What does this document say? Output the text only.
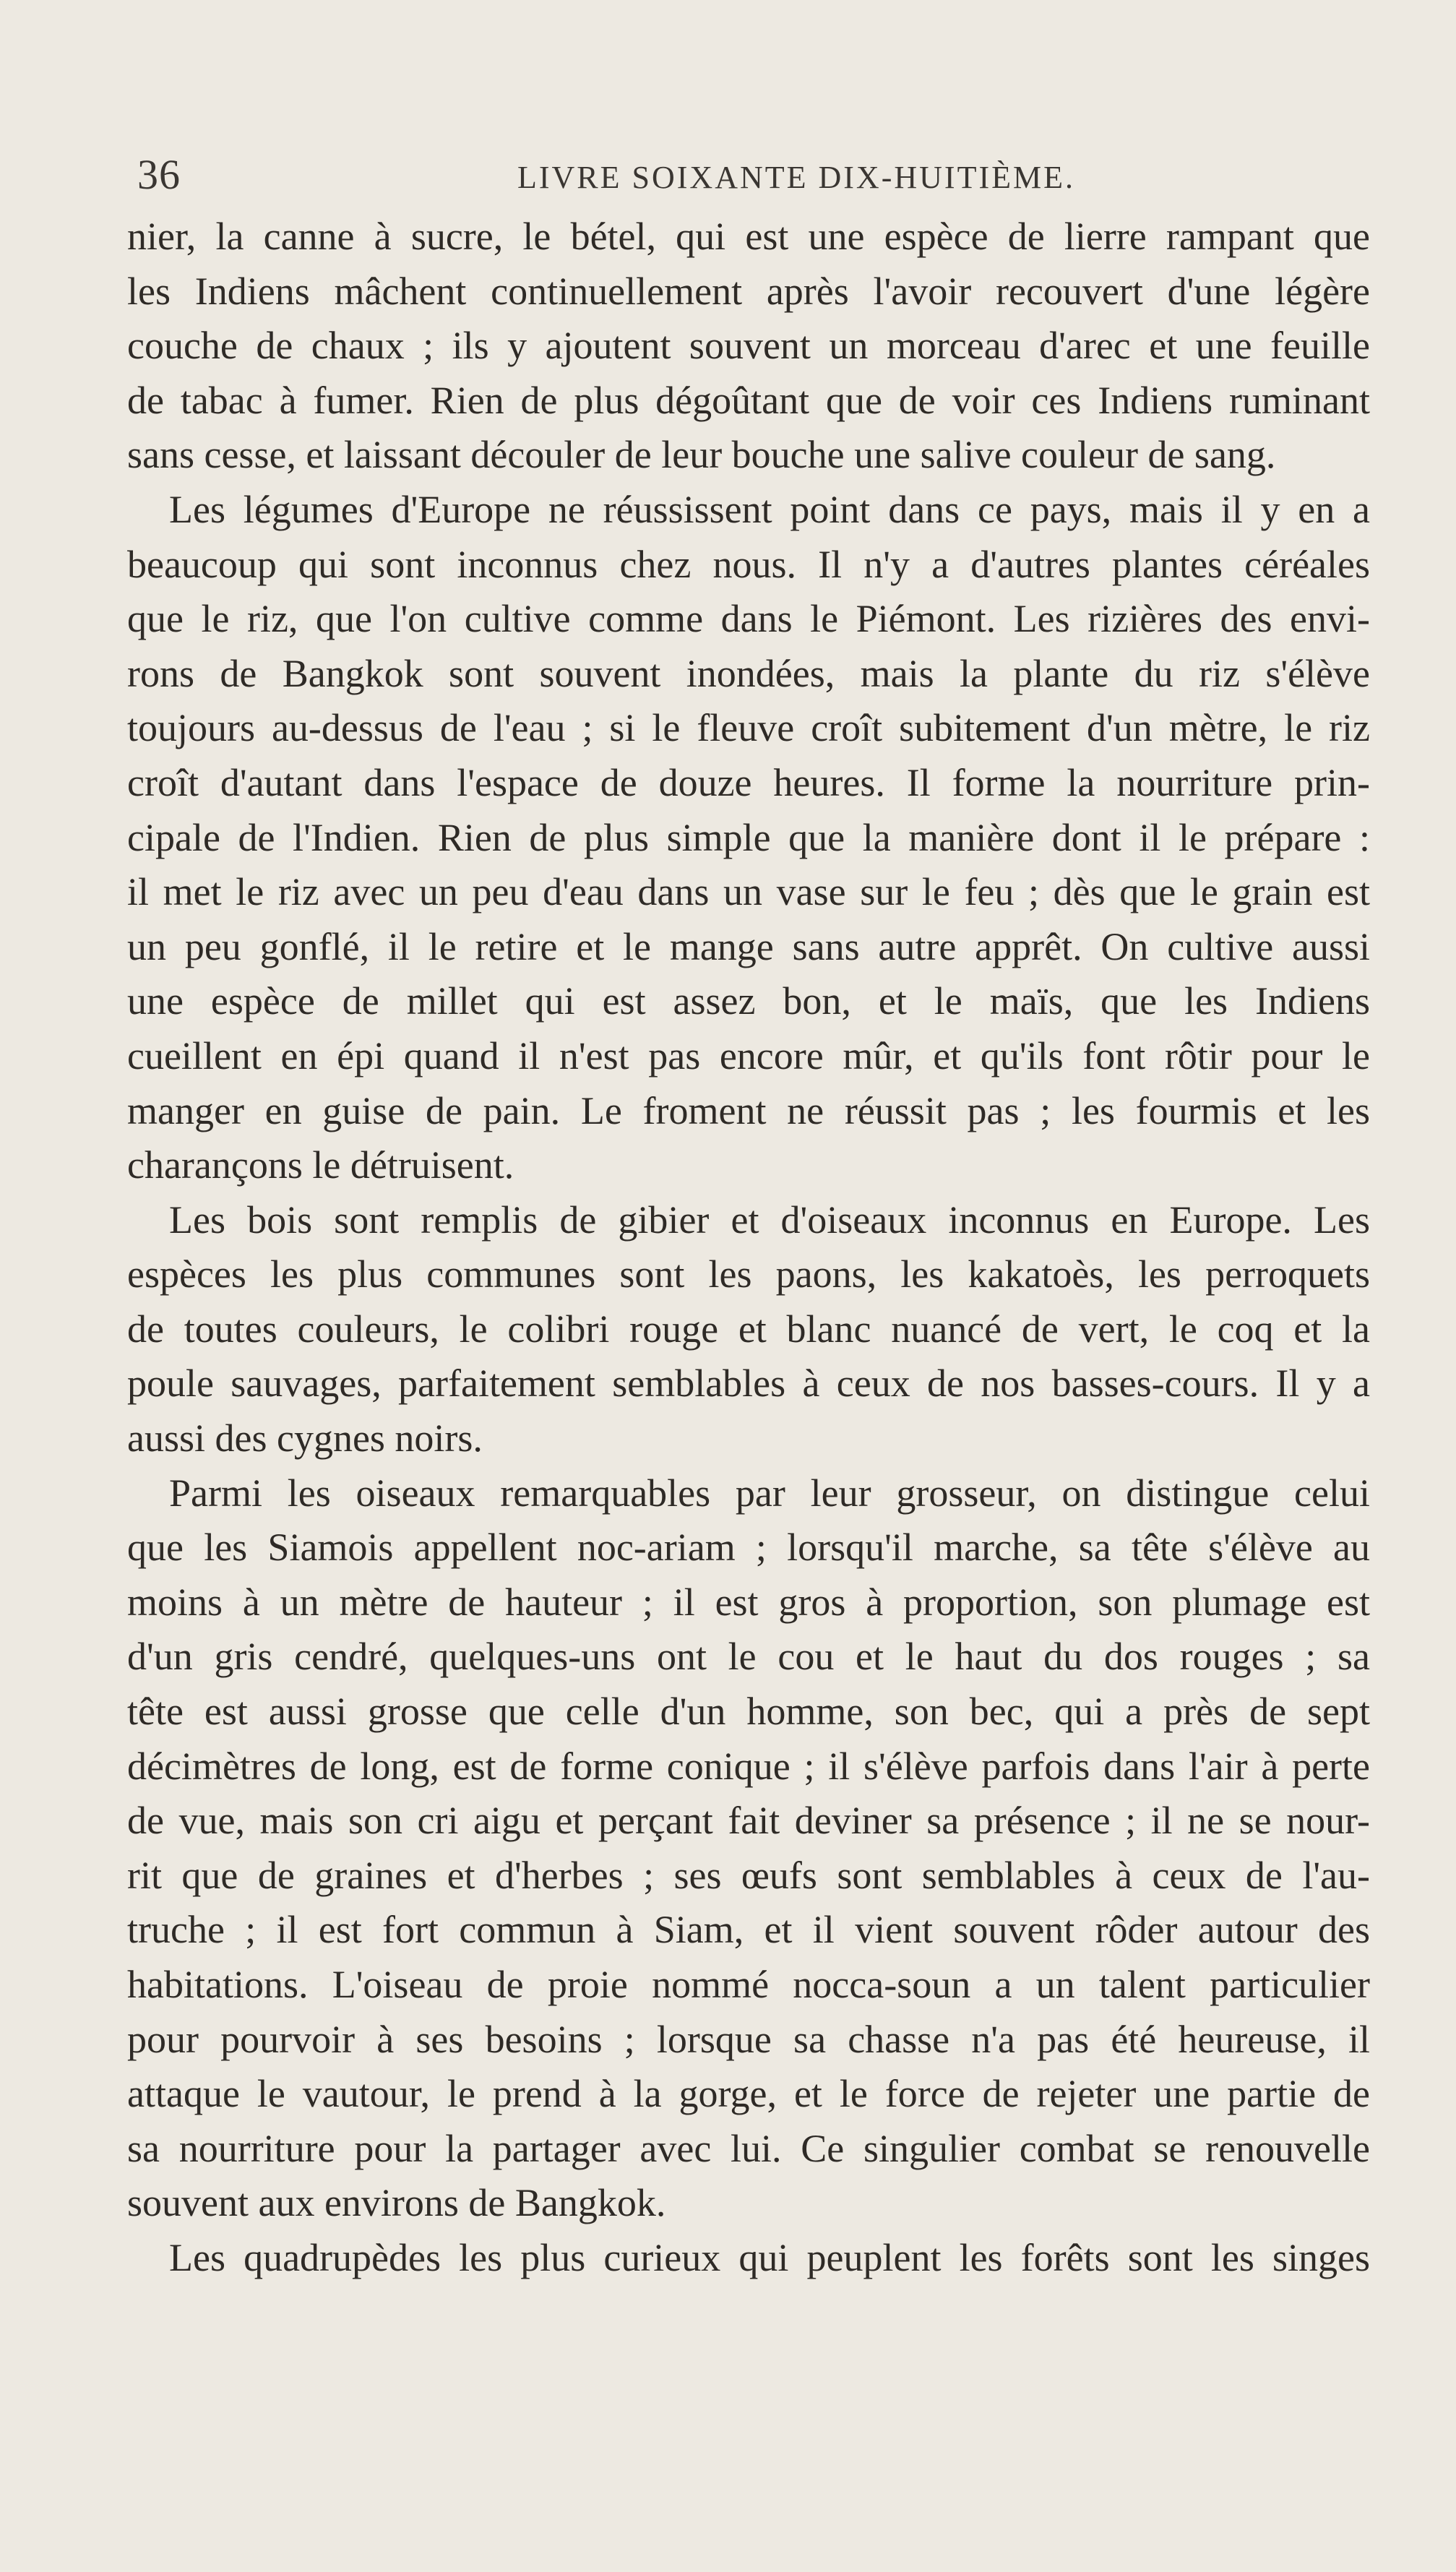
36	LIVRE SOIXANTE DIX-HUITIÈME.
nier, la canne à sucre, le bétel, qui est une espèce de lierre rampant que
les Indiens mâchent continuellement après l'avoir recouvert d'une légère
couche de chaux ; ils y ajoutent souvent un morceau d'arec et une feuille
de tabac à fumer. Rien de plus dégoûtant que de voir ces Indiens ruminant
sans cesse, et laissant découler de leur bouche une salive couleur de sang.
Les légumes d'Europe ne réussissent point dans ce pays, mais il y en a
beaucoup qui sont inconnus chez nous. Il n'y a d'autres plantes céréales
que le riz, que l'on cultive comme dans le Piémont. Les rizières des envi-
rons de Bangkok sont souvent inondées, mais la plante du riz s'élève
toujours au-dessus de l'eau ; si le fleuve croît subitement d'un mètre, le riz
croît d'autant dans l'espace de douze heures. Il forme la nourriture prin-
cipale de l'Indien. Rien de plus simple que la manière dont il le prépare :
il met le riz avec un peu d'eau dans un vase sur le feu ; dès que le grain est
un peu gonflé, il le retire et le mange sans autre apprêt. On cultive aussi
une espèce de millet qui est assez bon, et le maïs, que les Indiens
cueillent en épi quand il n'est pas encore mûr, et qu'ils font rôtir pour le
manger en guise de pain. Le froment ne réussit pas ; les fourmis et les
charançons le détruisent.
Les bois sont remplis de gibier et d'oiseaux inconnus en Europe. Les
espèces les plus communes sont les paons, les kakatoès, les perroquets
de toutes couleurs, le colibri rouge et blanc nuancé de vert, le coq et la
poule sauvages, parfaitement semblables à ceux de nos basses-cours. Il y a
aussi des cygnes noirs.
Parmi les oiseaux remarquables par leur grosseur, on distingue celui
que les Siamois appellent noc-ariam ; lorsqu'il marche, sa tête s'élève au
moins à un mètre de hauteur ; il est gros à proportion, son plumage est
d'un gris cendré, quelques-uns ont le cou et le haut du dos rouges ; sa
tête est aussi grosse que celle d'un homme, son bec, qui a près de sept
décimètres de long, est de forme conique ; il s'élève parfois dans l'air à perte
de vue, mais son cri aigu et perçant fait deviner sa présence ; il ne se nour-
rit que de graines et d'herbes ; ses œufs sont semblables à ceux de l'au-
truche ; il est fort commun à Siam, et il vient souvent rôder autour des
habitations. L'oiseau de proie nommé nocca-soun a un talent particulier
pour pourvoir à ses besoins ; lorsque sa chasse n'a pas été heureuse, il
attaque le vautour, le prend à la gorge, et le force de rejeter une partie de
sa nourriture pour la partager avec lui. Ce singulier combat se renouvelle
souvent aux environs de Bangkok.
Les quadrupèdes les plus curieux qui peuplent les forêts sont les singes
